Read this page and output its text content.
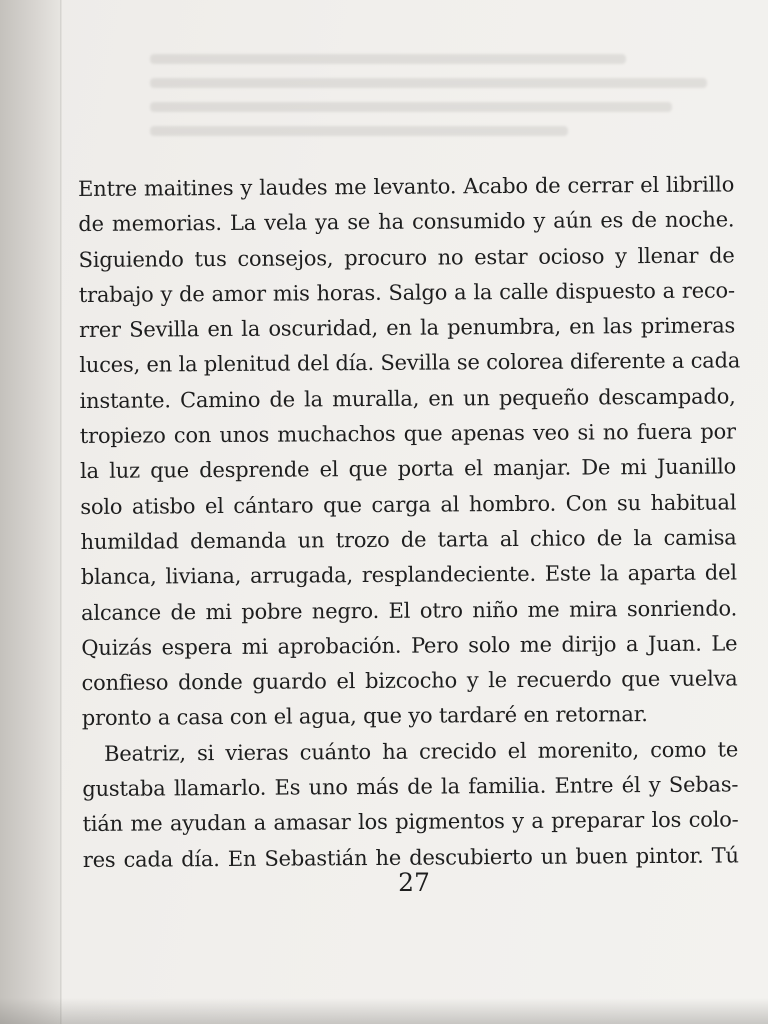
Entre maitines y laudes me levanto. Acabo de cerrar el librillo
de memorias. La vela ya se ha consumido y aún es de noche.
Siguiendo tus consejos, procuro no estar ocioso y llenar de
trabajo y de amor mis horas. Salgo a la calle dispuesto a reco-
rrer Sevilla en la oscuridad, en la penumbra, en las primeras
luces, en la plenitud del día. Sevilla se colorea diferente a cada
instante. Camino de la muralla, en un pequeño descampado,
tropiezo con unos muchachos que apenas veo si no fuera por
la luz que desprende el que porta el manjar. De mi Juanillo
solo atisbo el cántaro que carga al hombro. Con su habitual
humildad demanda un trozo de tarta al chico de la camisa
blanca, liviana, arrugada, resplandeciente. Este la aparta del
alcance de mi pobre negro. El otro niño me mira sonriendo.
Quizás espera mi aprobación. Pero solo me dirijo a Juan. Le
confieso donde guardo el bizcocho y le recuerdo que vuelva
pronto a casa con el agua, que yo tardaré en retornar.
Beatriz, si vieras cuánto ha crecido el morenito, como te
gustaba llamarlo. Es uno más de la familia. Entre él y Sebas-
tián me ayudan a amasar los pigmentos y a preparar los colo-
res cada día. En Sebastián he descubierto un buen pintor. Tú
27
